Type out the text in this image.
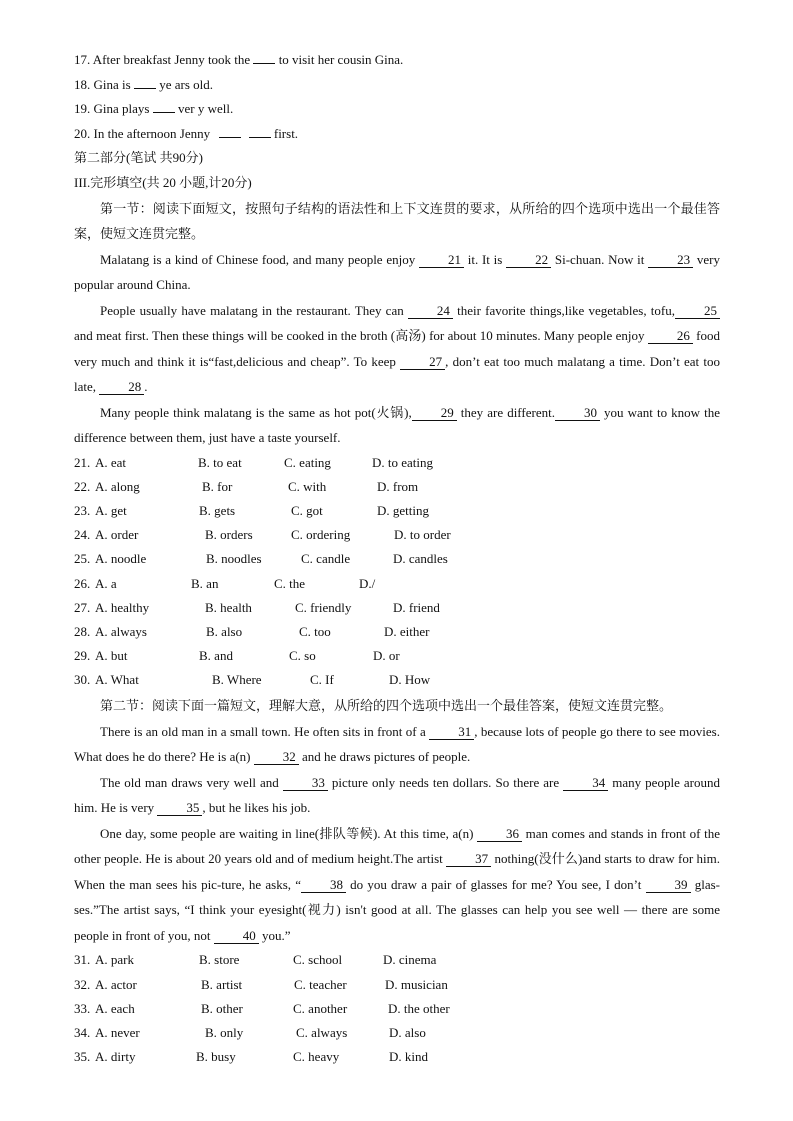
17. After breakfast Jenny took the to visit her cousin Gina.
18. Gina is ye ars old.
19. Gina plays ver y well.
20. In the afternoon Jenny	first.
第二部分(笔试 共90分)
III.完形填空(共 20 小题,计20分)

第一节：阅读下面短文，按照句子结构的语法性和上下文连贯的要求，从所给的四个选项中选出一个最佳答案，使短文连贯完整。

Malatang is a kind of Chinese food, and many people enjoy 21 it. It is 22 Si-chuan. Now it 23 very popular around China.

People usually have malatang in the restaurant. They can 24 their favorite things,like vegetables, tofu, 25 and meat first. Then these things will be cooked in the broth (高汤) for about 10 minutes. Many people enjoy 26 food very much and think it is“fast,delicious and cheap”. To keep 27 , don’t eat too much malatang a time. Don’t eat too late, 28 .

Many people think malatang is the same as hot pot(火锅), 29 they are different. 30 you want to know the difference between them, just have a taste yourself.

21. A. eat	B. to eat	C. eating	D. to eating
22. A. along	B. for	C. with	D. from
23. A. get	B. gets	C. got	D. getting
24. A. order	B. orders	C. ordering	D. to order
25. A. noodle	B. noodles	C. candle	D. candles
26. A. a	B. an	C. the	D./
27. A. healthy	B. health	C. friendly	D. friend
28. A. always	B. also	C. too	D. either
29. A. but	B. and	C. so	D. or
30. A. What	B. Where	C. If	D. How

第二节：阅读下面一篇短文，理解大意，从所给的四个选项中选出一个最佳答案，使短文连贯完整。

There is an old man in a small town. He often sits in front of a 31 , because lots of people go there to see movies. What does he do there? He is a(n) 32 and he draws pictures of people.

The old man draws very well and 33 picture only needs ten dollars. So there are 34 many people around him. He is very 35 , but he likes his job.

One day, some people are waiting in line(排队等候). At this time, a(n) 36 man comes and stands in front of the other people. He is about 20 years old and of medium height.The artist 37 nothing(没什么)and starts to draw for him. When the man sees his pic-ture, he asks, “ 38 do you draw a pair of glasses for me? You see, I don’t 39 glas-ses.”The artist says, “I think your eyesight(视力) isn't good at all. The glasses can help you see well — there are some people in front of you, not 40 you.”

31. A. park	B. store	C. school	D. cinema
32. A. actor	B. artist	C. teacher	D. musician
33. A. each	B. other	C. another	D. the other
34. A. never	B. only	C. always	D. also
35. A. dirty	B. busy	C. heavy	D. kind
